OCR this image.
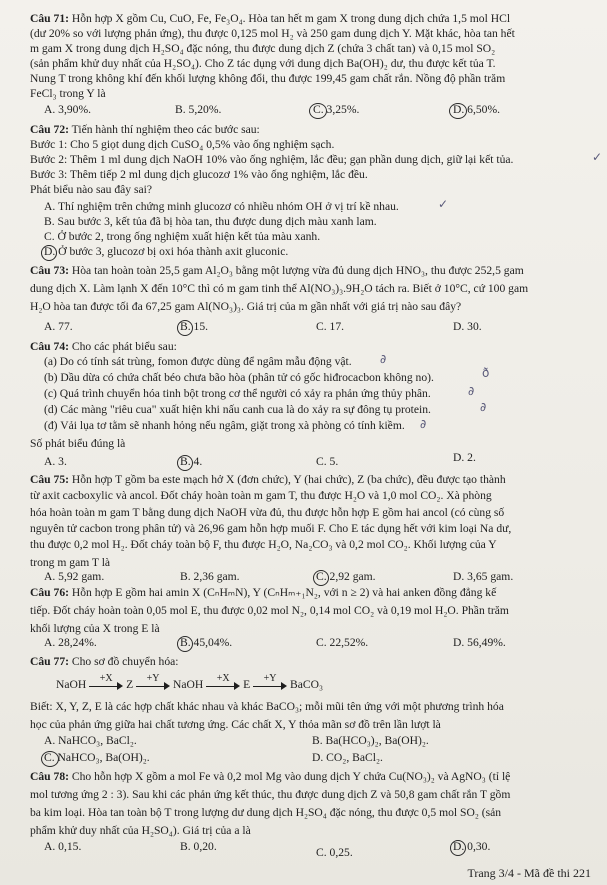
Câu 71: Hỗn hợp X gồm Cu, CuO, Fe, Fe₃O₄. Hòa tan hết m gam X trong dung dịch chứa 1,5 mol HCl
(dư 20% so với lượng phản ứng), thu được 0,125 mol H₂ và 250 gam dung dịch Y. Mặt khác, hòa tan hết
m gam X trong dung dịch H₂SO₄ đặc nóng, thu được dung dịch Z (chứa 3 chất tan) và 0,15 mol SO₂
(sản phẩm khử duy nhất của H₂SO₄). Cho Z tác dụng với dung dịch Ba(OH)₂ dư, thu được kết tủa T.
Nung T trong không khí đến khối lượng không đổi, thu được 199,45 gam chất rắn. Nồng độ phần trăm
FeCl₃ trong Y là
A. 3,90%.	B. 5,20%.	C. 3,25%.	D. 6,50%.
Câu 72: Tiến hành thí nghiệm theo các bước sau:
Bước 1: Cho 5 giọt dung dịch CuSO₄ 0,5% vào ống nghiệm sạch.
Bước 2: Thêm 1 ml dung dịch NaOH 10% vào ống nghiệm, lắc đều; gạn phần dung dịch, giữ lại kết tủa.
Bước 3: Thêm tiếp 2 ml dung dịch glucozơ 1% vào ống nghiệm, lắc đều.
Phát biểu nào sau đây sai?
A. Thí nghiệm trên chứng minh glucozơ có nhiều nhóm OH ở vị trí kề nhau.
B. Sau bước 3, kết tủa đã bị hòa tan, thu được dung dịch màu xanh lam.
C. Ở bước 2, trong ống nghiệm xuất hiện kết tủa màu xanh.
D. Ở bước 3, glucozơ bị oxi hóa thành axit gluconic.
✓
✓
Câu 73: Hòa tan hoàn toàn 25,5 gam Al₂O₃ bằng một lượng vừa đủ dung dịch HNO₃, thu được 252,5 gam
dung dịch X. Làm lạnh X đến 10°C thì có m gam tinh thể Al(NO₃)₃.9H₂O tách ra. Biết ở 10°C, cứ 100 gam
H₂O hòa tan được tối đa 67,25 gam Al(NO₃)₃. Giá trị của m gần nhất với giá trị nào sau đây?
A. 77.	B. 15.	C. 17.	D. 30.
Câu 74: Cho các phát biểu sau:
(a) Do có tính sát trùng, fomon được dùng để ngâm mẫu động vật.
(b) Dầu dừa có chứa chất béo chưa bão hòa (phân tử có gốc hiđrocacbon không no).
(c) Quá trình chuyển hóa tinh bột trong cơ thể người có xảy ra phản ứng thủy phân.
(d) Các màng "riêu cua" xuất hiện khi nấu canh cua là do xảy ra sự đông tụ protein.
(đ) Vải lụa tơ tằm sẽ nhanh hỏng nếu ngâm, giặt trong xà phòng có tính kiềm.
Số phát biểu đúng là
A. 3.	B. 4.	C. 5.	D. 2.
∂
ð
∂
∂
∂
Câu 75: Hỗn hợp T gồm ba este mạch hở X (đơn chức), Y (hai chức), Z (ba chức), đều được tạo thành
từ axit cacboxylic và ancol. Đốt cháy hoàn toàn m gam T, thu được H₂O và 1,0 mol CO₂. Xà phòng
hóa hoàn toàn m gam T bằng dung dịch NaOH vừa đủ, thu được hỗn hợp E gồm hai ancol (có cùng số
nguyên tử cacbon trong phân tử) và 26,96 gam hỗn hợp muối F. Cho E tác dụng hết với kim loại Na dư,
thu được 0,2 mol H₂. Đốt cháy toàn bộ F, thu được H₂O, Na₂CO₃ và 0,2 mol CO₂. Khối lượng của Y
trong m gam T là
A. 5,92 gam.	B. 2,36 gam.	C. 2,92 gam.	D. 3,65 gam.
Câu 76: Hỗn hợp E gồm hai amin X (CₙHₘN), Y (CₙHₘ₊₁N₂, với n ≥ 2) và hai anken đồng đẳng kế
tiếp. Đốt cháy hoàn toàn 0,05 mol E, thu được 0,02 mol N₂, 0,14 mol CO₂ và 0,19 mol H₂O. Phần trăm
khối lượng của X trong E là
A. 28,24%.	B. 45,04%.	C. 22,52%.	D. 56,49%.
Câu 77: Cho sơ đồ chuyển hóa:
NaOH	+X	Z	+Y	NaOH	+X	E	+Y	BaCO₃
Biết: X, Y, Z, E là các hợp chất khác nhau và khác BaCO₃; mỗi mũi tên ứng với một phương trình hóa
học của phản ứng giữa hai chất tương ứng. Các chất X, Y thỏa mãn sơ đồ trên lần lượt là
A. NaHCO₃, BaCl₂.	B. Ba(HCO₃)₂, Ba(OH)₂.
C. NaHCO₃, Ba(OH)₂.	D. CO₂, BaCl₂.
Câu 78: Cho hỗn hợp X gồm a mol Fe và 0,2 mol Mg vào dung dịch Y chứa Cu(NO₃)₂ và AgNO₃ (tỉ lệ
mol tương ứng 2 : 3). Sau khi các phản ứng kết thúc, thu được dung dịch Z và 50,8 gam chất rắn T gồm
ba kim loại. Hòa tan toàn bộ T trong lượng dư dung dịch H₂SO₄ đặc nóng, thu được 0,5 mol SO₂ (sản
phẩm khử duy nhất của H₂SO₄). Giá trị của a là
A. 0,15.	B. 0,20.	C. 0,25.	D. 0,30.
Trang 3/4 - Mã đề thi 221
